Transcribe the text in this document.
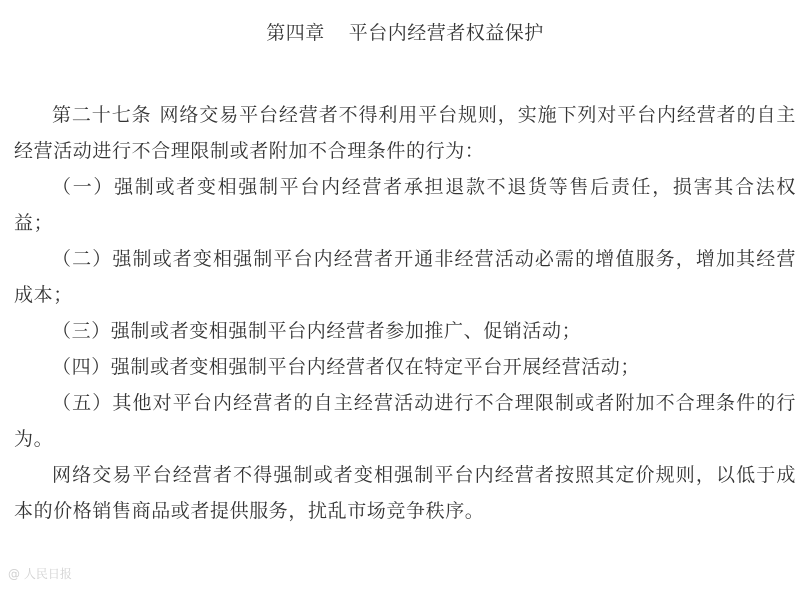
第四章 平台内经营者权益保护

第二十七条 网络交易平台经营者不得利用平台规则，实施下列对平台内经营者的自主经营活动进行不合理限制或者附加不合理条件的行为：

（一）强制或者变相强制平台内经营者承担退款不退货等售后责任，损害其合法权益；

（二）强制或者变相强制平台内经营者开通非经营活动必需的增值服务，增加其经营成本；

（三）强制或者变相强制平台内经营者参加推广、促销活动；

（四）强制或者变相强制平台内经营者仅在特定平台开展经营活动；

（五）其他对平台内经营者的自主经营活动进行不合理限制或者附加不合理条件的行为。

网络交易平台经营者不得强制或者变相强制平台内经营者按照其定价规则，以低于成本的价格销售商品或者提供服务，扰乱市场竞争秩序。

@ 人民日报
